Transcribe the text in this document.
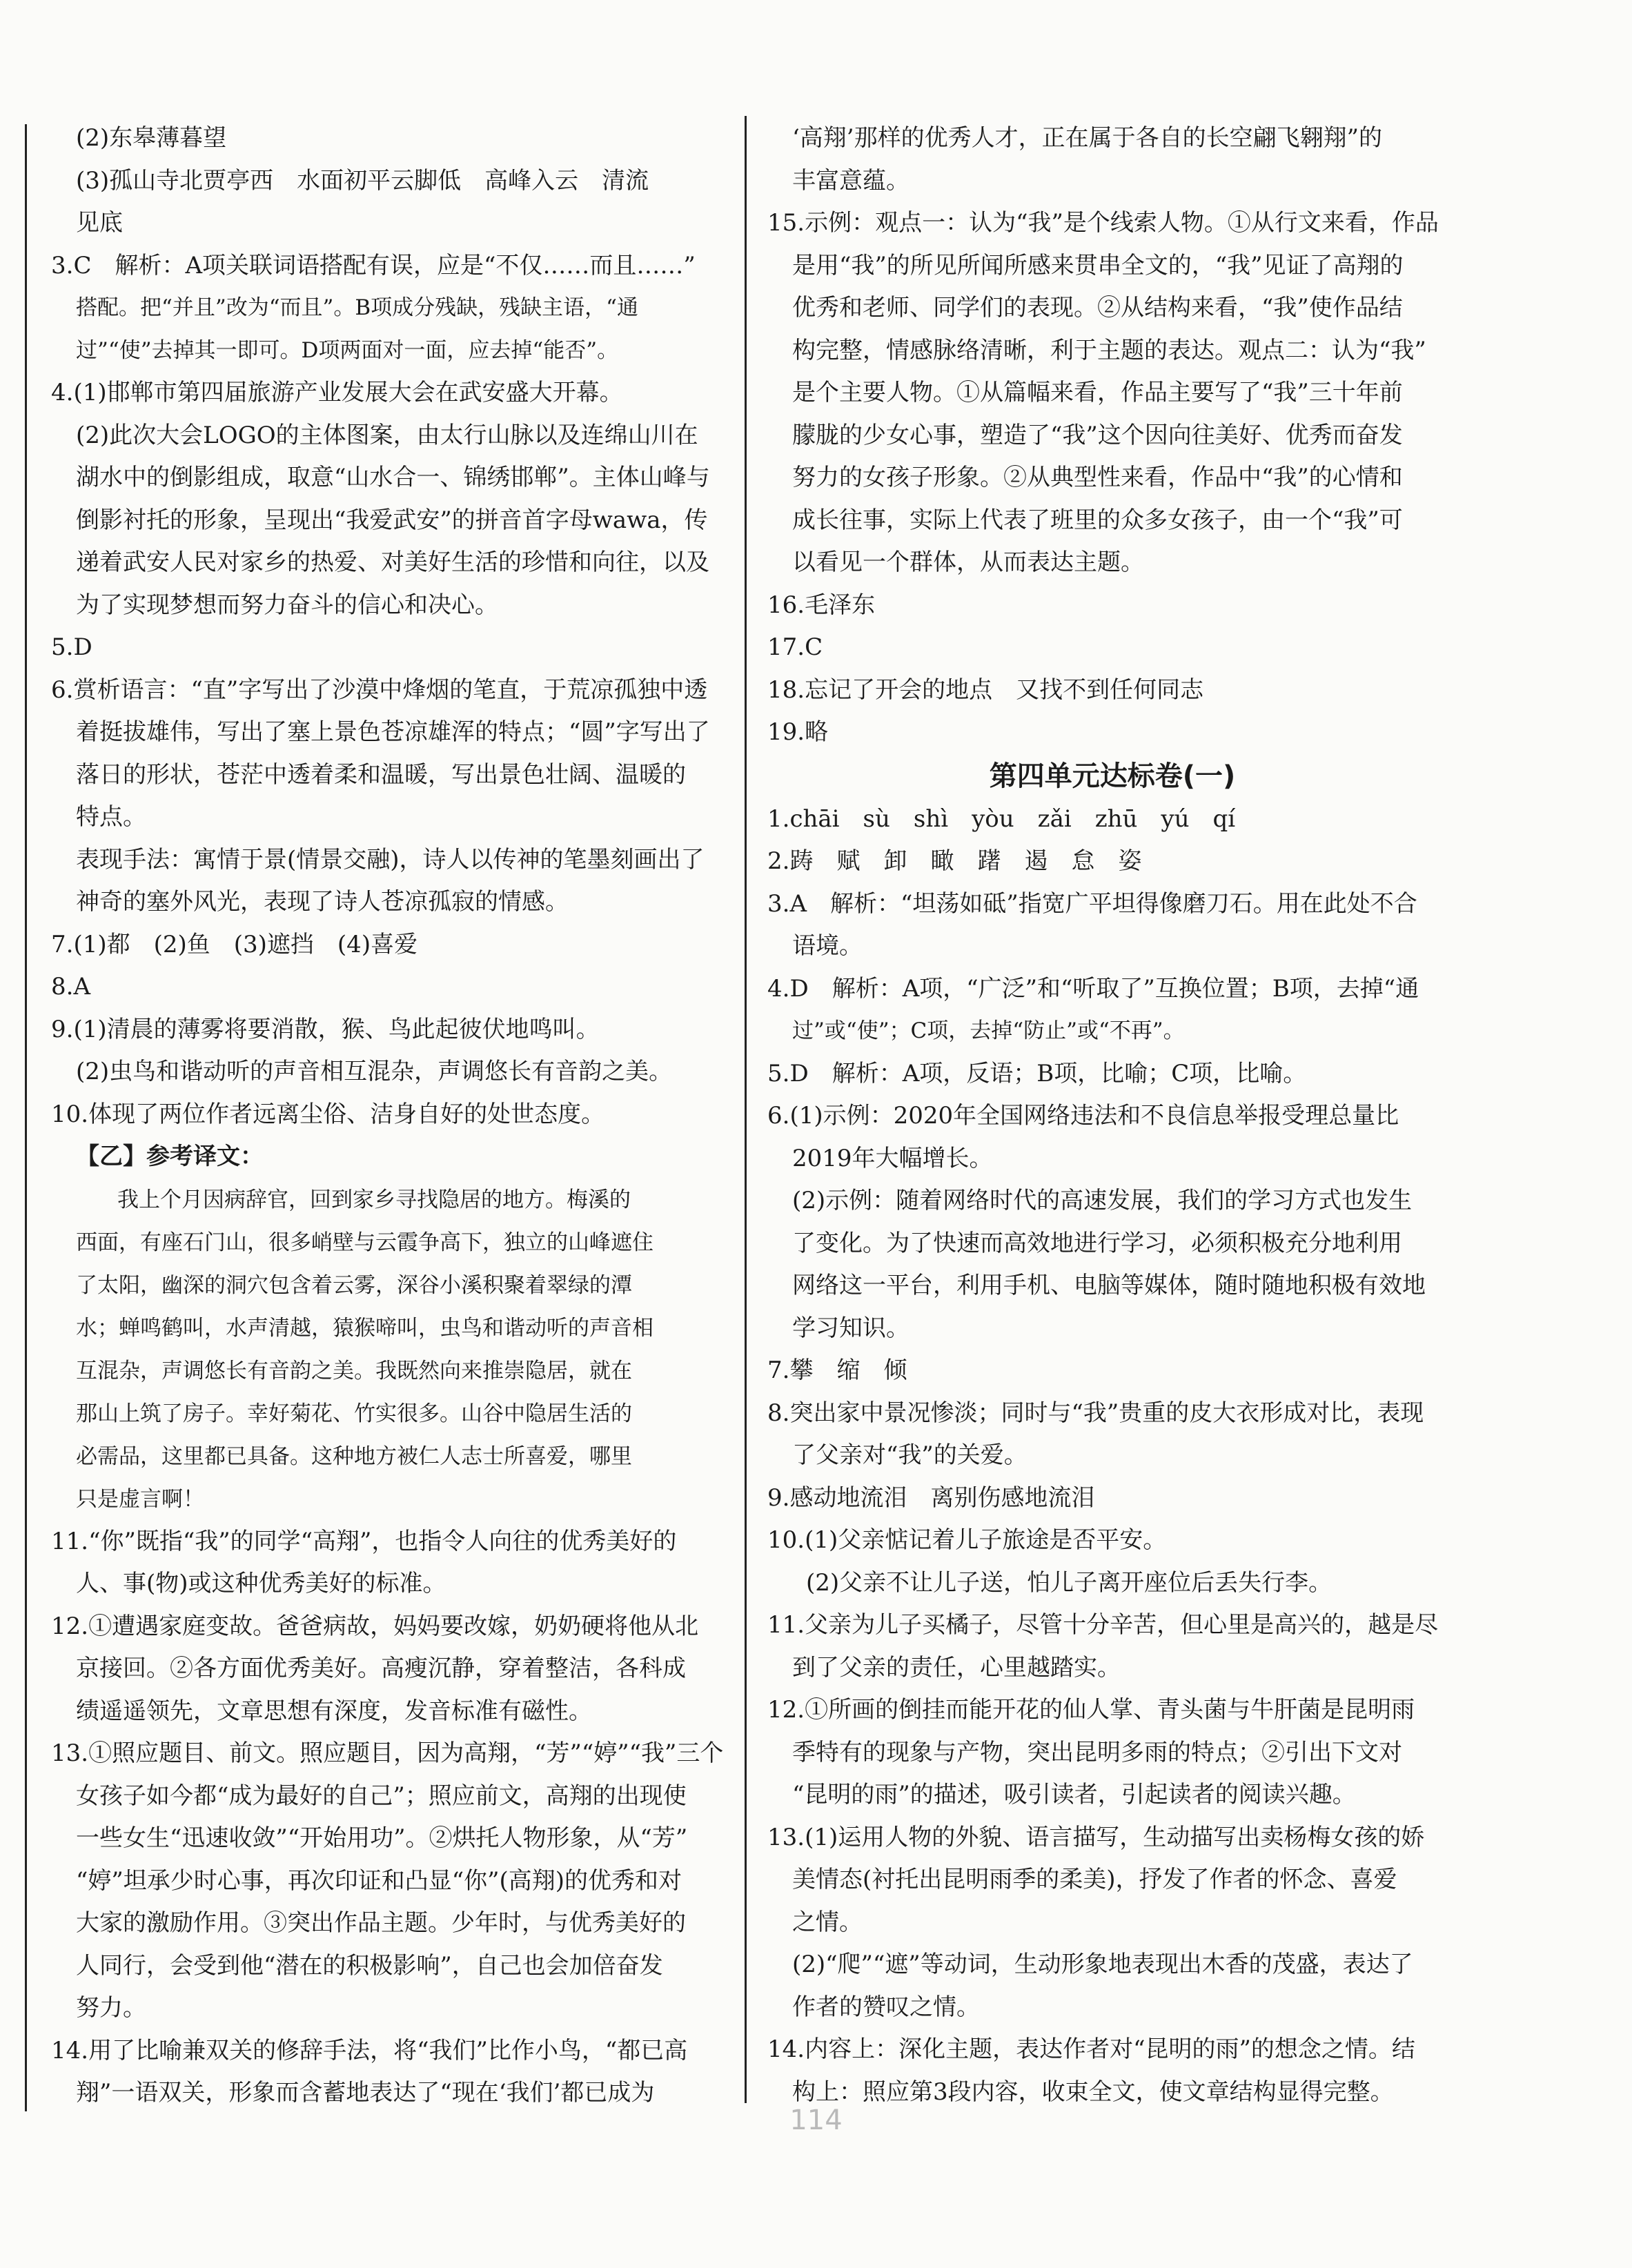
(2)东皋薄暮望
(3)孤山寺北贾亭西　水面初平云脚低　高峰入云　清流
见底
3.C　解析：A项关联词语搭配有误，应是“不仅……而且……”
搭配。把“并且”改为“而且”。B项成分残缺，残缺主语，“通
过”“使”去掉其一即可。D项两面对一面，应去掉“能否”。
4.(1)邯郸市第四届旅游产业发展大会在武安盛大开幕。
(2)此次大会LOGO的主体图案，由太行山脉以及连绵山川在
湖水中的倒影组成，取意“山水合一、锦绣邯郸”。主体山峰与
倒影衬托的形象，呈现出“我爱武安”的拼音首字母wawa，传
递着武安人民对家乡的热爱、对美好生活的珍惜和向往，以及
为了实现梦想而努力奋斗的信心和决心。
5.D
6.赏析语言：“直”字写出了沙漠中烽烟的笔直，于荒凉孤独中透
着挺拔雄伟，写出了塞上景色苍凉雄浑的特点；“圆”字写出了
落日的形状，苍茫中透着柔和温暖，写出景色壮阔、温暖的
特点。
表现手法：寓情于景(情景交融)，诗人以传神的笔墨刻画出了
神奇的塞外风光，表现了诗人苍凉孤寂的情感。
7.(1)都　(2)鱼　(3)遮挡　(4)喜爱
8.A
9.(1)清晨的薄雾将要消散，猴、鸟此起彼伏地鸣叫。
(2)虫鸟和谐动听的声音相互混杂，声调悠长有音韵之美。
10.体现了两位作者远离尘俗、洁身自好的处世态度。
【乙】参考译文：
我上个月因病辞官，回到家乡寻找隐居的地方。梅溪的
西面，有座石门山，很多峭壁与云霞争高下，独立的山峰遮住
了太阳，幽深的洞穴包含着云雾，深谷小溪积聚着翠绿的潭
水；蝉鸣鹤叫，水声清越，猿猴啼叫，虫鸟和谐动听的声音相
互混杂，声调悠长有音韵之美。我既然向来推崇隐居，就在
那山上筑了房子。幸好菊花、竹实很多。山谷中隐居生活的
必需品，这里都已具备。这种地方被仁人志士所喜爱，哪里
只是虚言啊！
11.“你”既指“我”的同学“高翔”，也指令人向往的优秀美好的
人、事(物)或这种优秀美好的标准。
12.①遭遇家庭变故。爸爸病故，妈妈要改嫁，奶奶硬将他从北
京接回。②各方面优秀美好。高瘦沉静，穿着整洁，各科成
绩遥遥领先，文章思想有深度，发音标准有磁性。
13.①照应题目、前文。照应题目，因为高翔，“芳”“婷”“我”三个
女孩子如今都“成为最好的自己”；照应前文，高翔的出现使
一些女生“迅速收敛”“开始用功”。②烘托人物形象，从“芳”
“婷”坦承少时心事，再次印证和凸显“你”(高翔)的优秀和对
大家的激励作用。③突出作品主题。少年时，与优秀美好的
人同行，会受到他“潜在的积极影响”，自己也会加倍奋发
努力。
14.用了比喻兼双关的修辞手法，将“我们”比作小鸟，“都已高
翔”一语双关，形象而含蓄地表达了“现在‘我们’都已成为
‘高翔’那样的优秀人才，正在属于各自的长空翩飞翱翔”的
丰富意蕴。
15.示例：观点一：认为“我”是个线索人物。①从行文来看，作品
是用“我”的所见所闻所感来贯串全文的，“我”见证了高翔的
优秀和老师、同学们的表现。②从结构来看，“我”使作品结
构完整，情感脉络清晰，利于主题的表达。观点二：认为“我”
是个主要人物。①从篇幅来看，作品主要写了“我”三十年前
朦胧的少女心事，塑造了“我”这个因向往美好、优秀而奋发
努力的女孩子形象。②从典型性来看，作品中“我”的心情和
成长往事，实际上代表了班里的众多女孩子，由一个“我”可
以看见一个群体，从而表达主题。
16.毛泽东
17.C
18.忘记了开会的地点　又找不到任何同志
19.略
第四单元达标卷(一)
1.chāi　sù　shì　yòu　zǎi　zhū　yú　qí
2.踌　赋　卸　瞰　躇　遏　怠　姿
3.A　解析：“坦荡如砥”指宽广平坦得像磨刀石。用在此处不合
语境。
4.D　解析：A项，“广泛”和“听取了”互换位置；B项，去掉“通
过”或“使”；C项，去掉“防止”或“不再”。
5.D　解析：A项，反语；B项，比喻；C项，比喻。
6.(1)示例：2020年全国网络违法和不良信息举报受理总量比
2019年大幅增长。
(2)示例：随着网络时代的高速发展，我们的学习方式也发生
了变化。为了快速而高效地进行学习，必须积极充分地利用
网络这一平台，利用手机、电脑等媒体，随时随地积极有效地
学习知识。
7.攀　缩　倾
8.突出家中景况惨淡；同时与“我”贵重的皮大衣形成对比，表现
了父亲对“我”的关爱。
9.感动地流泪　离别伤感地流泪
10.(1)父亲惦记着儿子旅途是否平安。
(2)父亲不让儿子送，怕儿子离开座位后丢失行李。
11.父亲为儿子买橘子，尽管十分辛苦，但心里是高兴的，越是尽
到了父亲的责任，心里越踏实。
12.①所画的倒挂而能开花的仙人掌、青头菌与牛肝菌是昆明雨
季特有的现象与产物，突出昆明多雨的特点；②引出下文对
“昆明的雨”的描述，吸引读者，引起读者的阅读兴趣。
13.(1)运用人物的外貌、语言描写，生动描写出卖杨梅女孩的娇
美情态(衬托出昆明雨季的柔美)，抒发了作者的怀念、喜爱
之情。
(2)“爬”“遮”等动词，生动形象地表现出木香的茂盛，表达了
作者的赞叹之情。
14.内容上：深化主题，表达作者对“昆明的雨”的想念之情。结
构上：照应第3段内容，收束全文，使文章结构显得完整。
114
